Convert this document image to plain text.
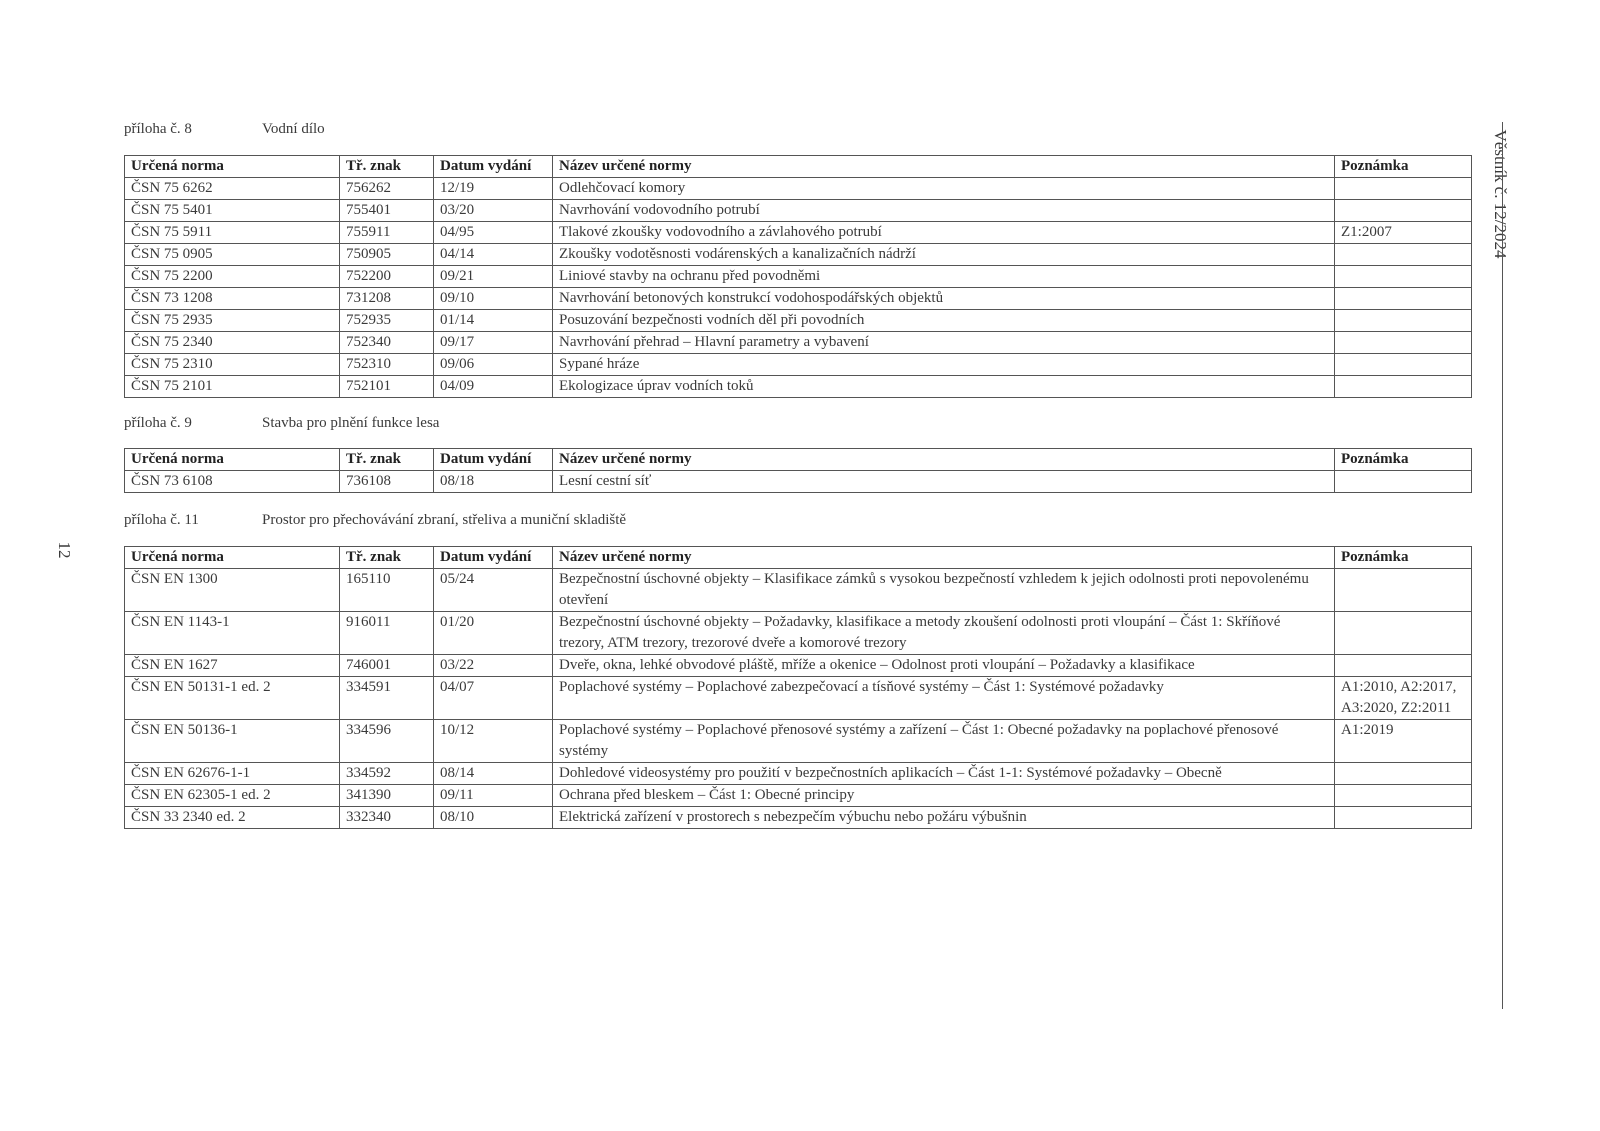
12
Věstník č. 12/2024
příloha č. 8	Vodní dílo
Určená norma	Tř. znak	Datum vydání	Název určené normy	Poznámka
ČSN 75 6262	756262	12/19	Odlehčovací komory	
ČSN 75 5401	755401	03/20	Navrhování vodovodního potrubí	
ČSN 75 5911	755911	04/95	Tlakové zkoušky vodovodního a závlahového potrubí	Z1:2007
ČSN 75 0905	750905	04/14	Zkoušky vodotěsnosti vodárenských a kanalizačních nádrží	
ČSN 75 2200	752200	09/21	Liniové stavby na ochranu před povodněmi	
ČSN 73 1208	731208	09/10	Navrhování betonových konstrukcí vodohospodářských objektů	
ČSN 75 2935	752935	01/14	Posuzování bezpečnosti vodních děl při povodních	
ČSN 75 2340	752340	09/17	Navrhování přehrad – Hlavní parametry a vybavení	
ČSN 75 2310	752310	09/06	Sypané hráze	
ČSN 75 2101	752101	04/09	Ekologizace úprav vodních toků	
příloha č. 9	Stavba pro plnění funkce lesa
Určená norma	Tř. znak	Datum vydání	Název určené normy	Poznámka
ČSN 73 6108	736108	08/18	Lesní cestní síť	
příloha č. 11	Prostor pro přechovávání zbraní, střeliva a muniční skladiště
Určená norma	Tř. znak	Datum vydání	Název určené normy	Poznámka
ČSN EN 1300	165110	05/24	Bezpečnostní úschovné objekty – Klasifikace zámků s vysokou bezpečností vzhledem k jejich odolnosti proti nepovolenému otevření	
ČSN EN 1143-1	916011	01/20	Bezpečnostní úschovné objekty – Požadavky, klasifikace a metody zkoušení odolnosti proti vloupání – Část 1: Skříňové trezory, ATM trezory, trezorové dveře a komorové trezory	
ČSN EN 1627	746001	03/22	Dveře, okna, lehké obvodové pláště, mříže a okenice – Odolnost proti vloupání – Požadavky a klasifikace	
ČSN EN 50131-1 ed. 2	334591	04/07	Poplachové systémy – Poplachové zabezpečovací a tísňové systémy – Část 1: Systémové požadavky	A1:2010, A2:2017, A3:2020, Z2:2011
ČSN EN 50136-1	334596	10/12	Poplachové systémy – Poplachové přenosové systémy a zařízení – Část 1: Obecné požadavky na poplachové přenosové systémy	A1:2019
ČSN EN 62676-1-1	334592	08/14	Dohledové videosystémy pro použití v bezpečnostních aplikacích – Část 1-1: Systémové požadavky – Obecně	
ČSN EN 62305-1 ed. 2	341390	09/11	Ochrana před bleskem – Část 1: Obecné principy	
ČSN 33 2340 ed. 2	332340	08/10	Elektrická zařízení v prostorech s nebezpečím výbuchu nebo požáru výbušnin	
